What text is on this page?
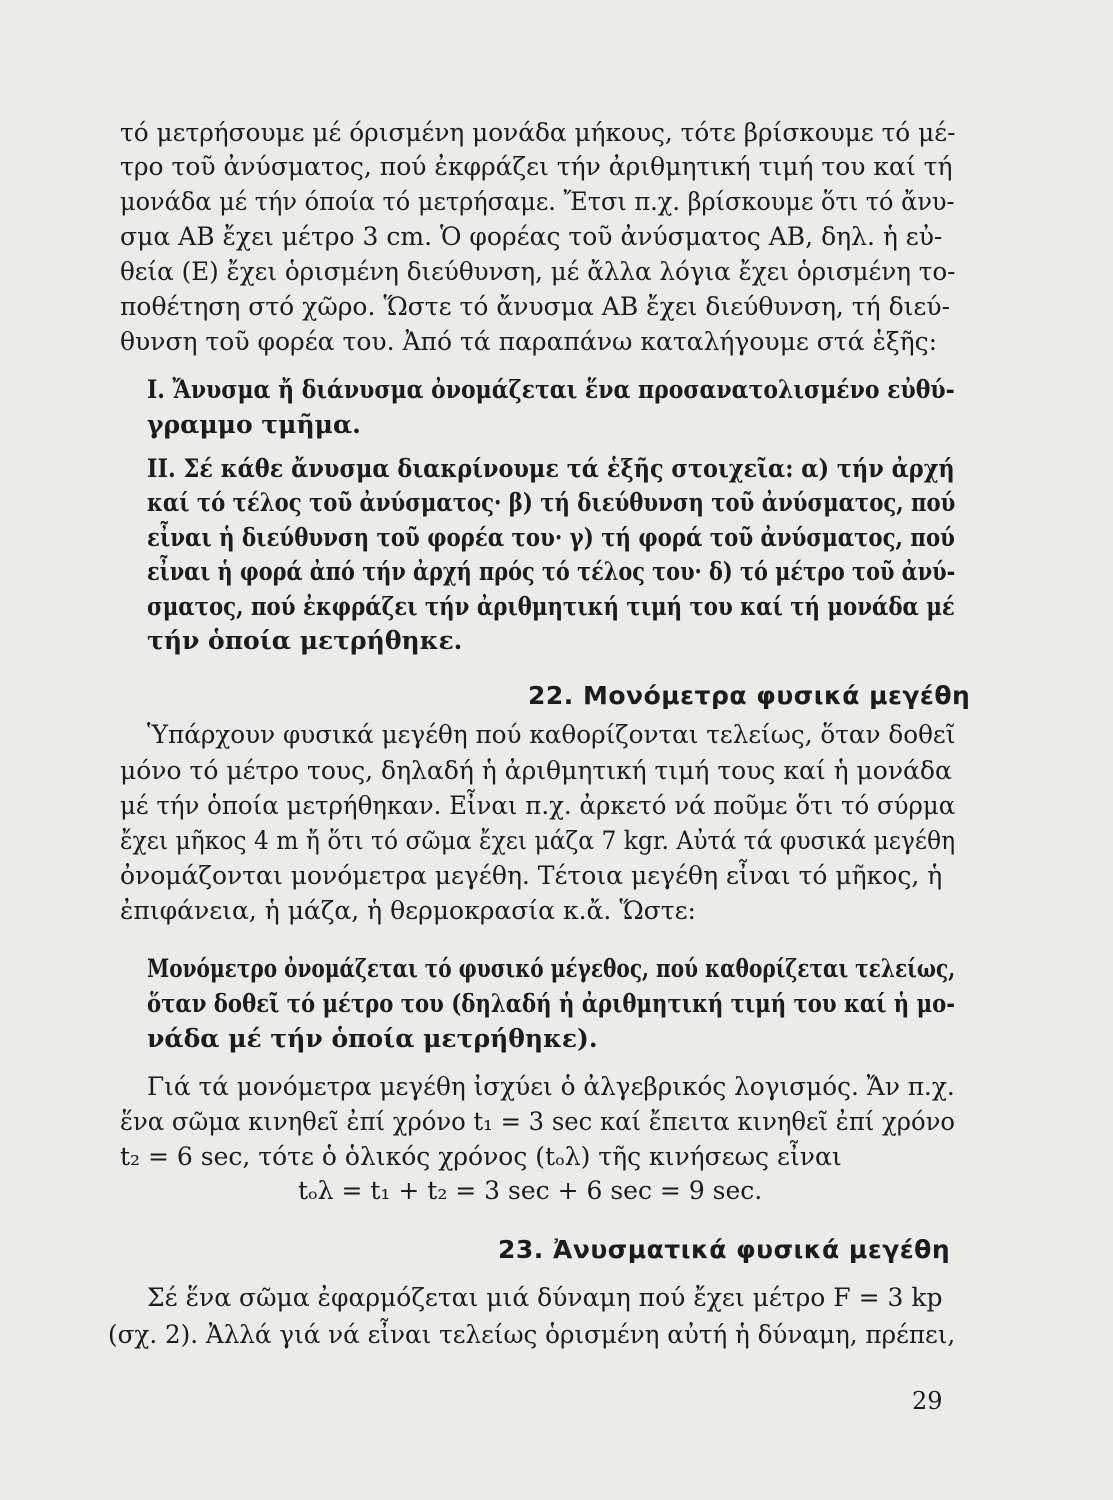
τό μετρήσουμε μέ όρισμένη μονάδα μήκους, τότε βρίσκουμε τό μέ-
τρο τοῦ ἀνύσματος, πού ἐκφράζει τήν ἀριθμητική τιμή του καί τή
μονάδα μέ τήν όποία τό μετρήσαμε. Ἔτσι π.χ. βρίσκουμε ὅτι τό ἄνυ-
σμα ΑΒ ἔχει μέτρο 3 cm. Ὁ φορέας τοῦ ἀνύσματος ΑΒ, δηλ. ἡ εὐ-
θεία (Ε) ἔχει ὁρισμένη διεύθυνση, μέ ἄλλα λόγια ἔχει ὁρισμένη το-
ποθέτηση στό χῶρο. Ὥστε τό ἄνυσμα ΑΒ ἔχει διεύθυνση, τή διεύ-
θυνση τοῦ φορέα του. Ἀπό τά παραπάνω καταλήγουμε στά ἑξῆς:
Ι. Ἄνυσμα ἤ διάνυσμα ὀνομάζεται ἕνα προσανατολισμένο εὐθύ-
γραμμο τμῆμα.
ΙΙ. Σέ κάθε ἄνυσμα διακρίνουμε τά ἑξῆς στοιχεῖα: α) τήν ἀρχή
καί τό τέλος τοῦ ἀνύσματος· β) τή διεύθυνση τοῦ ἀνύσματος, πού
εἶναι ἡ διεύθυνση τοῦ φορέα του· γ) τή φορά τοῦ ἀνύσματος, πού
εἶναι ἡ φορά ἀπό τήν ἀρχή πρός τό τέλος του· δ) τό μέτρο τοῦ ἀνύ-
σματος, πού ἐκφράζει τήν ἀριθμητική τιμή του καί τή μονάδα μέ
τήν ὁποία μετρήθηκε.
22. Μονόμετρα φυσικά μεγέθη
Ὑπάρχουν φυσικά μεγέθη πού καθορίζονται τελείως, ὅταν δοθεῖ
μόνο τό μέτρο τους, δηλαδή ἡ ἀριθμητική τιμή τους καί ἡ μονάδα
μέ τήν ὁποία μετρήθηκαν. Εἶναι π.χ. ἀρκετό νά ποῦμε ὅτι τό σύρμα
ἔχει μῆκος 4 m ἤ ὅτι τό σῶμα ἔχει μάζα 7 kgr. Αὐτά τά φυσικά μεγέθη
ὀνομάζονται μονόμετρα μεγέθη. Τέτοια μεγέθη εἶναι τό μῆκος, ἡ
ἐπιφάνεια, ἡ μάζα, ἡ θερμοκρασία κ.ἄ. Ὥστε:
Μονόμετρο ὀνομάζεται τό φυσικό μέγεθος, πού καθορίζεται τελείως,
ὅταν δοθεῖ τό μέτρο του (δηλαδή ἡ ἀριθμητική τιμή του καί ἡ μο-
νάδα μέ τήν ὁποία μετρήθηκε).
Γιά τά μονόμετρα μεγέθη ἰσχύει ὁ ἀλγεβρικός λογισμός. Ἄν π.χ.
ἕνα σῶμα κινηθεῖ ἐπί χρόνο t₁ = 3 sec καί ἔπειτα κινηθεῖ ἐπί χρόνο
t₂ = 6 sec, τότε ὁ ὁλικός χρόνος (tₒλ) τῆς κινήσεως εἶναι
tₒλ = t₁ + t₂ = 3 sec + 6 sec = 9 sec.
23. Ἀνυσματικά φυσικά μεγέθη
Σέ ἕνα σῶμα ἐφαρμόζεται μιά δύναμη πού ἔχει μέτρο F = 3 kp
(σχ. 2). Ἀλλά γιά νά εἶναι τελείως ὁρισμένη αὐτή ἡ δύναμη, πρέπει,
29
